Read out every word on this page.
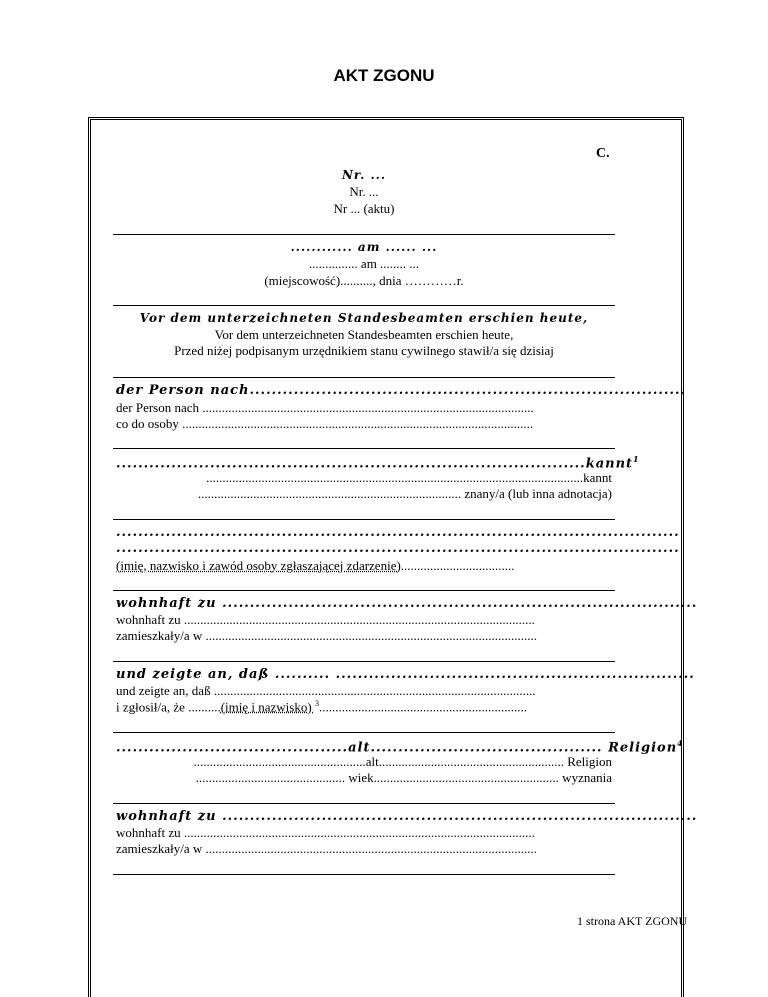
AKT ZGONU
C.
Nr. ...
Nr. ...
Nr ... (aktu)
............ am ...... ...
............... am ........ ...
(miejscowość).........., dnia …………r.
Vor dem unterzeichneten Standesbeamten erschien heute,
Vor dem unterzeichneten Standesbeamten erschien heute,
Przed niżej podpisanym urzędnikiem stanu cywilnego stawił/a się dzisiaj
der Person nach...............................................................................
der Person nach ......................................................................................................
co do osoby ............................................................................................................
.....................................................................................kannt$^1$
....................................................................................................................kannt
................................................................................. znany/a (lub inna adnotacja)
......................................................................................................
......................................................................................................
(imię, nazwisko i zawód osoby zgłaszającej zdarzenie)...................................
wohnhaft zu ......................................................................................
wohnhaft zu ............................................................................................................
zamieszkały/a w ......................................................................................................
und zeigte an, daß .......... .................................................................
und zeigte an, daß ...................................................................................................
i zgłosił/a, że ..........(imię i nazwisko) $^3$................................................................
..........................................alt.......................................... Religion$^4$
.....................................................alt......................................................... Religion
.............................................. wiek......................................................... wyznania
wohnhaft zu ......................................................................................
wohnhaft zu ............................................................................................................
zamieszkały/a w ......................................................................................................
1 strona AKT ZGONU
